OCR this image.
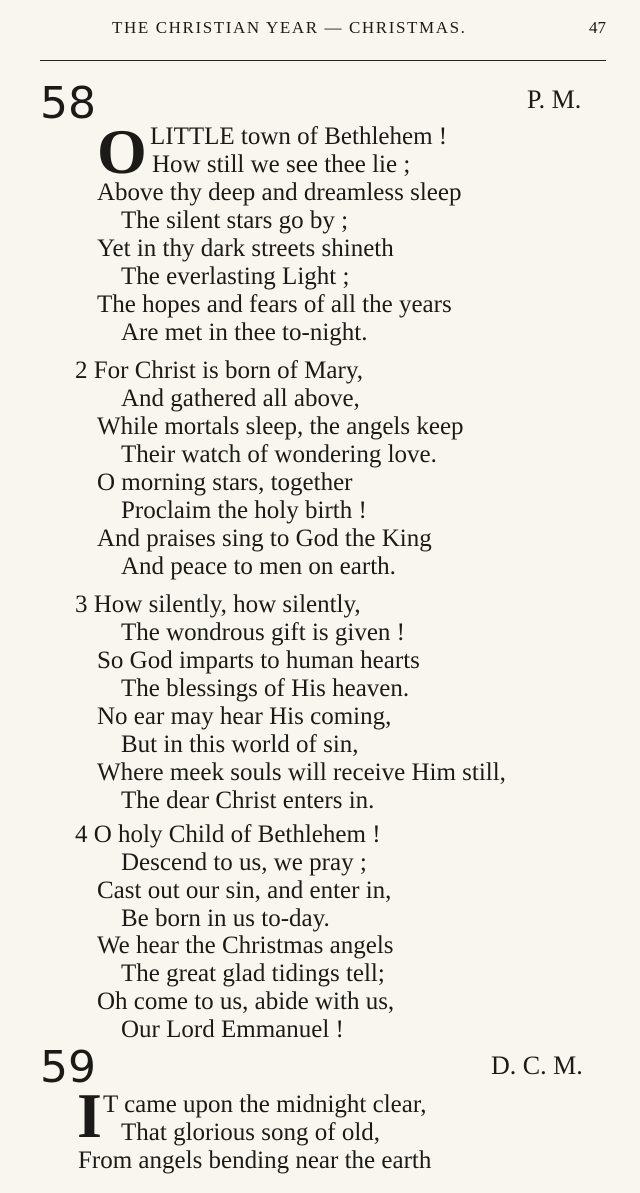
THE CHRISTIAN YEAR — CHRISTMAS.	47
58	P. M.
O LITTLE town of Bethlehem !
How still we see thee lie ;
Above thy deep and dreamless sleep
The silent stars go by ;
Yet in thy dark streets shineth
The everlasting Light ;
The hopes and fears of all the years
Are met in thee to-night.
2 For Christ is born of Mary,
And gathered all above,
While mortals sleep, the angels keep
Their watch of wondering love.
O morning stars, together
Proclaim the holy birth !
And praises sing to God the King
And peace to men on earth.
3 How silently, how silently,
The wondrous gift is given !
So God imparts to human hearts
The blessings of His heaven.
No ear may hear His coming,
But in this world of sin,
Where meek souls will receive Him still,
The dear Christ enters in.
4 O holy Child of Bethlehem !
Descend to us, we pray ;
Cast out our sin, and enter in,
Be born in us to-day.
We hear the Christmas angels
The great glad tidings tell;
Oh come to us, abide with us,
Our Lord Emmanuel !
59	D. C. M.
I T came upon the midnight clear,
That glorious song of old,
From angels bending near the earth
